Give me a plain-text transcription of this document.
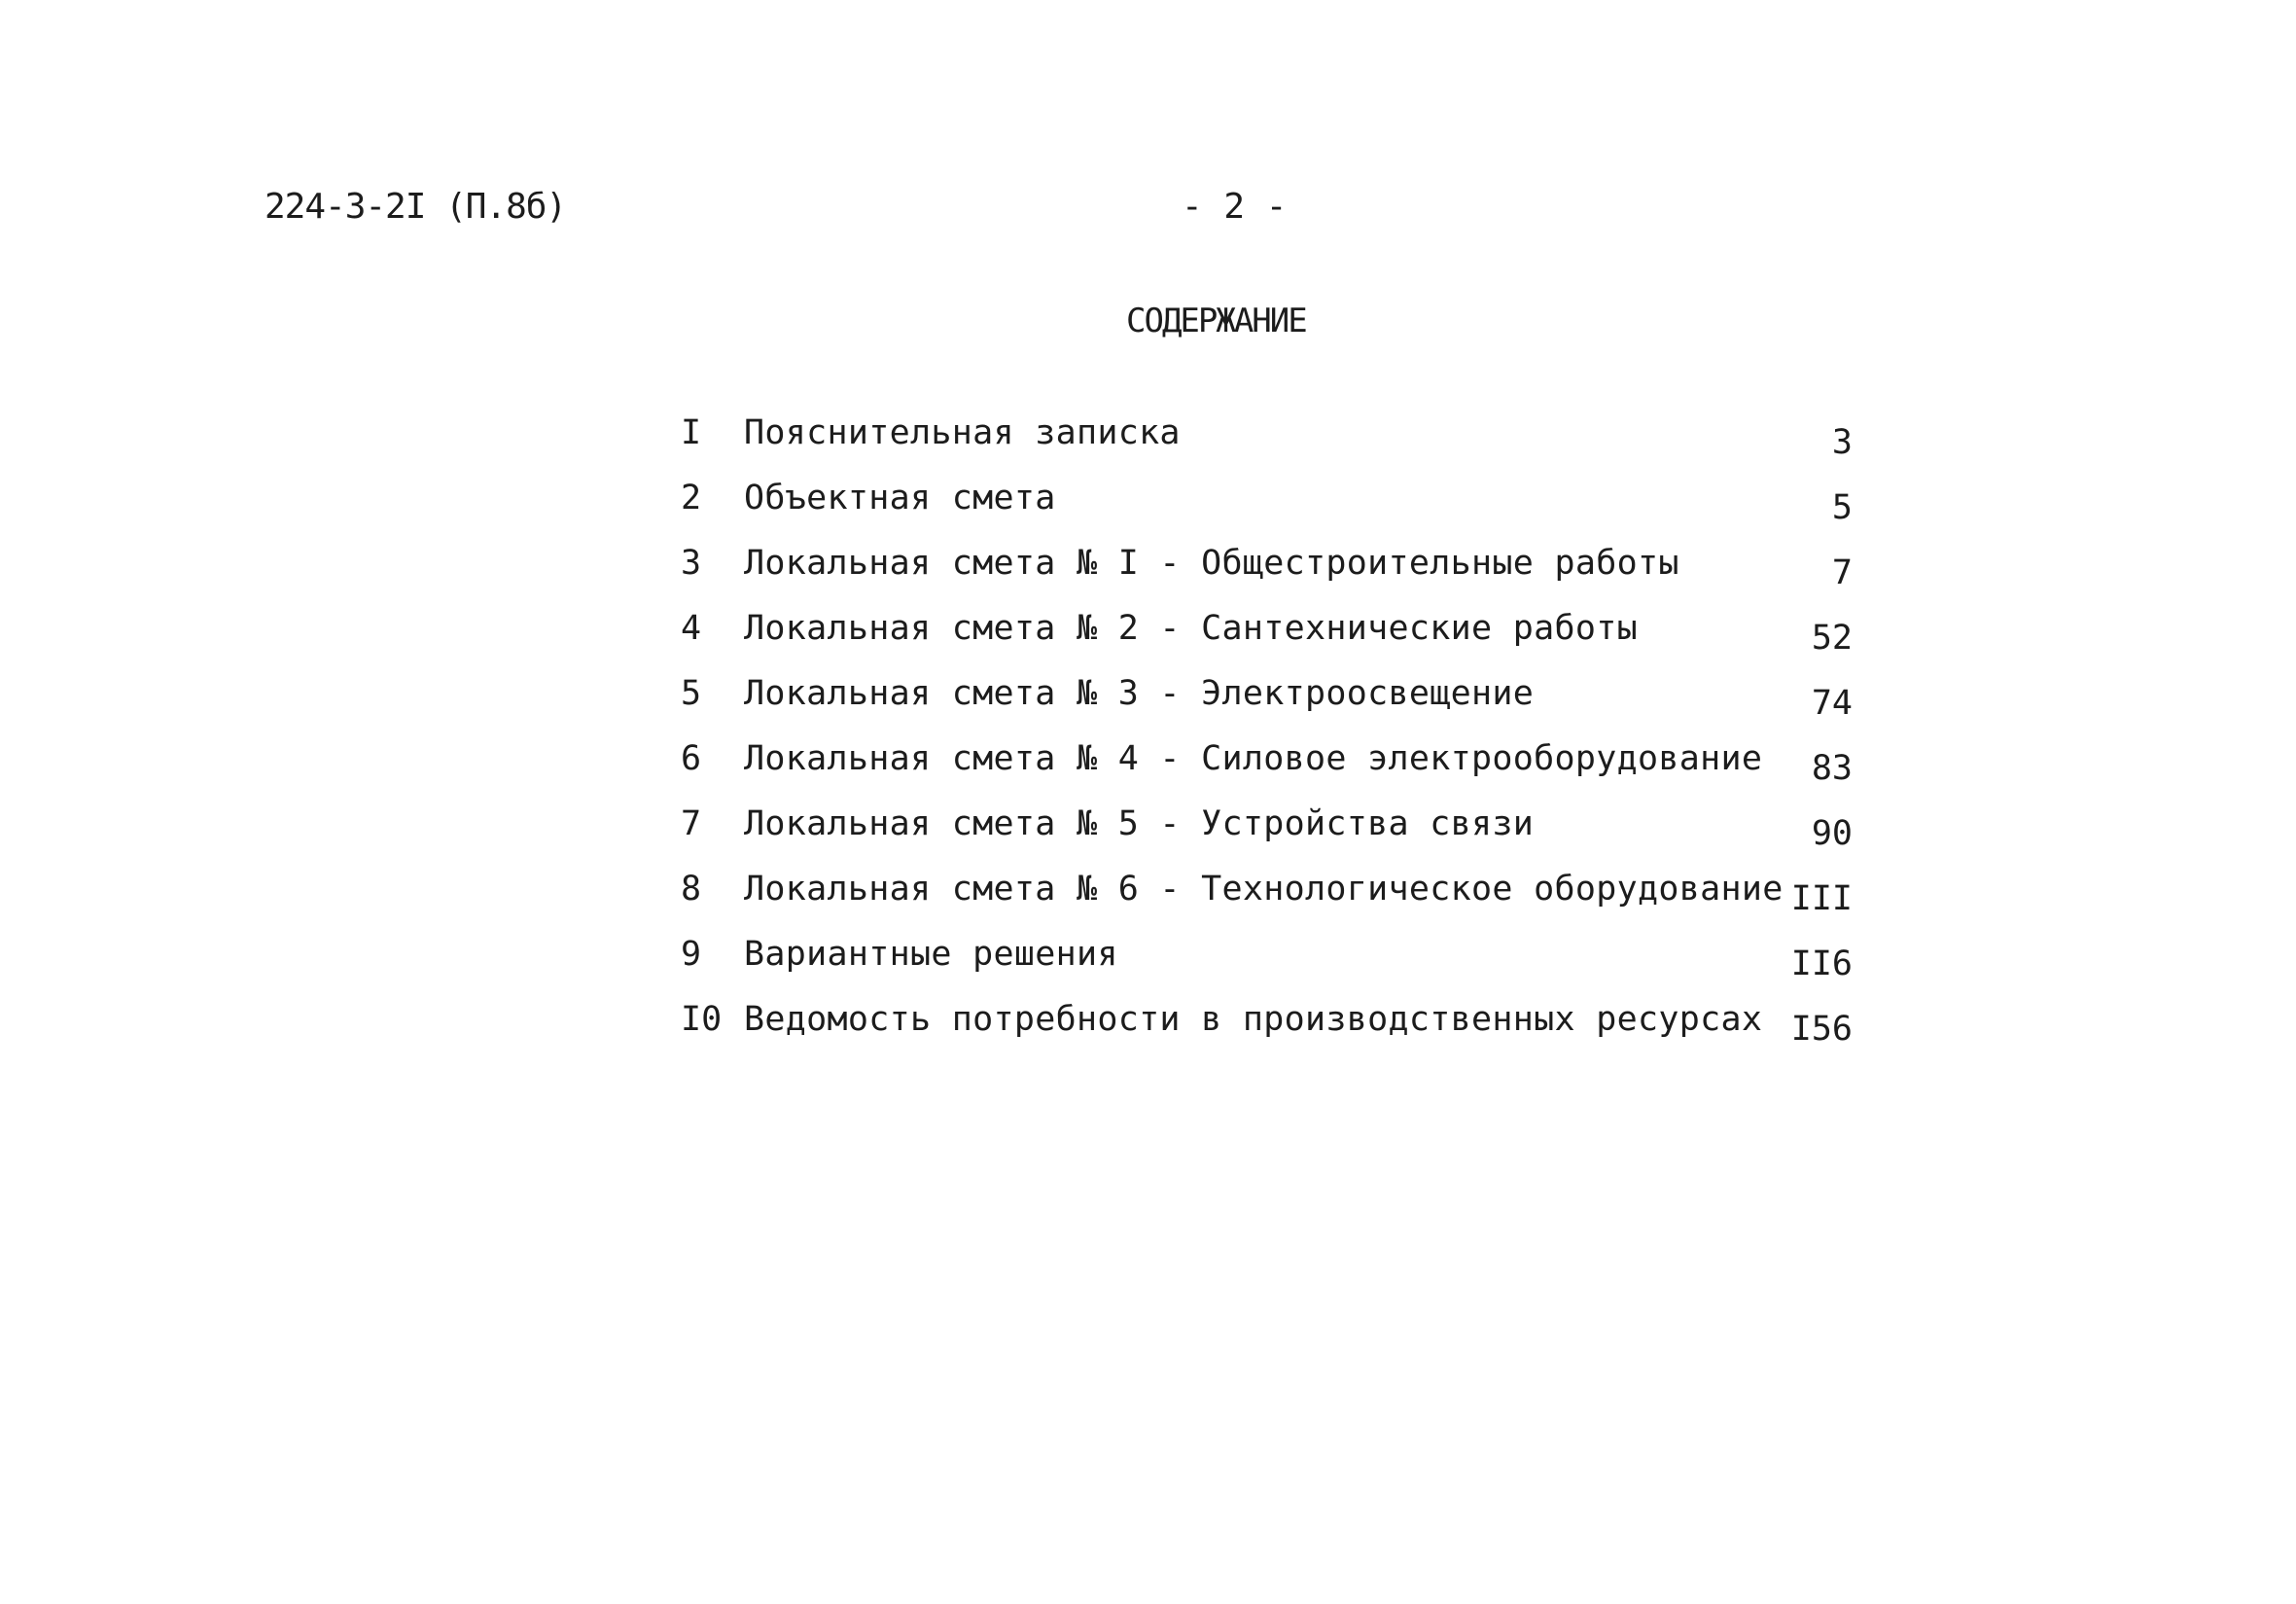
224-3-2I (П.8б)	- 2 -
СОДЕРЖАНИЕ
I Пояснительная записка	3
2 Объектная смета	5
3 Локальная смета № I - Общестроительные работы	7
4 Локальная смета № 2 - Сантехнические работы	52
5 Локальная смета № 3 - Электроосвещение	74
6 Локальная смета № 4 - Силовое электрооборудование 83
7 Локальная смета № 5 - Устройства связи	90
8 Локальная смета № 6 - Технологическое оборудование III
9 Вариантные решения	II6
I0 Ведомость потребности в производственных ресурсах I56
